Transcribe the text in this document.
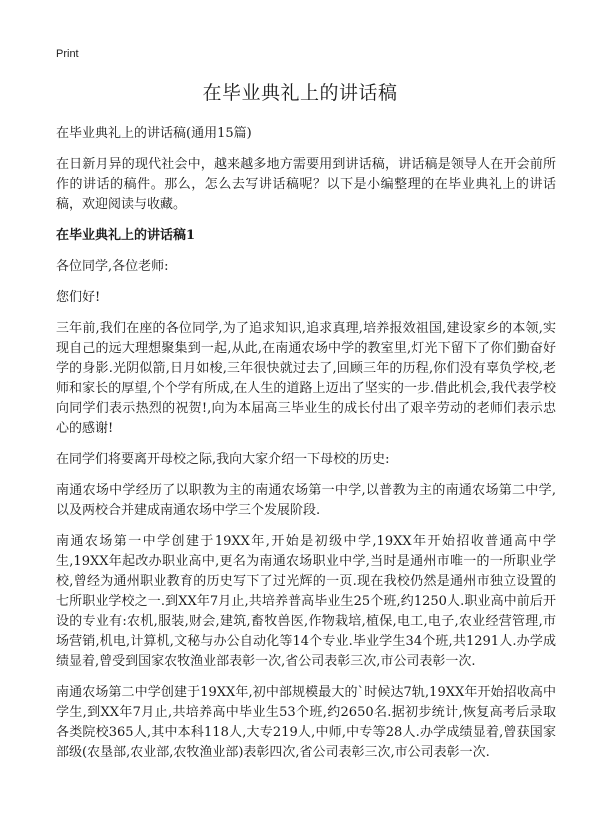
Print
在毕业典礼上的讲话稿

在毕业典礼上的讲话稿(通用15篇)

在日新月异的现代社会中，越来越多地方需要用到讲话稿，讲话稿是领导人在开会前所作的讲话的稿件。那么，怎么去写讲话稿呢？以下是小编整理的在毕业典礼上的讲话稿，欢迎阅读与收藏。

在毕业典礼上的讲话稿1

各位同学,各位老师:

您们好!

三年前,我们在座的各位同学,为了追求知识,追求真理,培养报效祖国,建设家乡的本领,实现自己的远大理想聚集到一起,从此,在南通农场中学的教室里,灯光下留下了你们勤奋好学的身影.光阴似箭,日月如梭,三年很快就过去了,回顾三年的历程,你们没有辜负学校,老师和家长的厚望,个个学有所成,在人生的道路上迈出了坚实的一步.借此机会,我代表学校向同学们表示热烈的祝贺!,向为本届高三毕业生的成长付出了艰辛劳动的老师们表示忠心的感谢!

在同学们将要离开母校之际,我向大家介绍一下母校的历史:

南通农场中学经历了以职教为主的南通农场第一中学,以普教为主的南通农场第二中学,以及两校合并建成南通农场中学三个发展阶段.

南通农场第一中学创建于19XX年,开始是初级中学,19XX年开始招收普通高中学生,19XX年起改办职业高中,更名为南通农场职业中学,当时是通州市唯一的一所职业学校,曾经为通州职业教育的历史写下了过光辉的一页.现在我校仍然是通州市独立设置的七所职业学校之一.到XX年7月止,共培养普高毕业生25个班,约1250人.职业高中前后开设的专业有:农机,服装,财会,建筑,畜牧兽医,作物栽培,植保,电工,电子,农业经营管理,市场营销,机电,计算机,文秘与办公自动化等14个专业.毕业学生34个班,共1291人.办学成绩显着,曾受到国家农牧渔业部表彰一次,省公司表彰三次,市公司表彰一次.

南通农场第二中学创建于19XX年,初中部规模最大的`时候达7轨,19XX年开始招收高中学生,到XX年7月止,共培养高中毕业生53个班,约2650名.据初步统计,恢复高考后录取各类院校365人,其中本科118人,大专219人,中师,中专等28人.办学成绩显着,曾获国家部级(农垦部,农业部,农牧渔业部)表彰四次,省公司表彰三次,市公司表彰一次.
